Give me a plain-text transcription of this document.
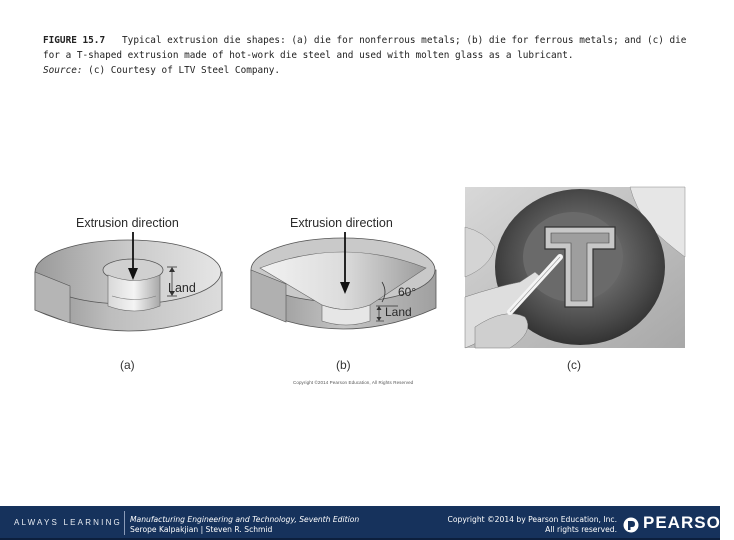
FIGURE 15.7 Typical extrusion die shapes: (a) die for nonferrous metals; (b) die for ferrous metals; and (c) die for a T-shaped extrusion made of hot-work die steel and used with molten glass as a lubricant.
Source: (c) Courtesy of LTV Steel Company.
Extrusion direction
Land
(a)
Extrusion direction
60°
Land
(b)	(c)
Copyright ©2014 Pearson Education, All Rights Reserved
ALWAYS LEARNING Manufacturing Engineering and Technology, Seventh Edition
Serope Kalpakjian | Steven R. Schmid
Copyright ©2014 by Pearson Education, Inc.
All rights reserved. PEARSON
